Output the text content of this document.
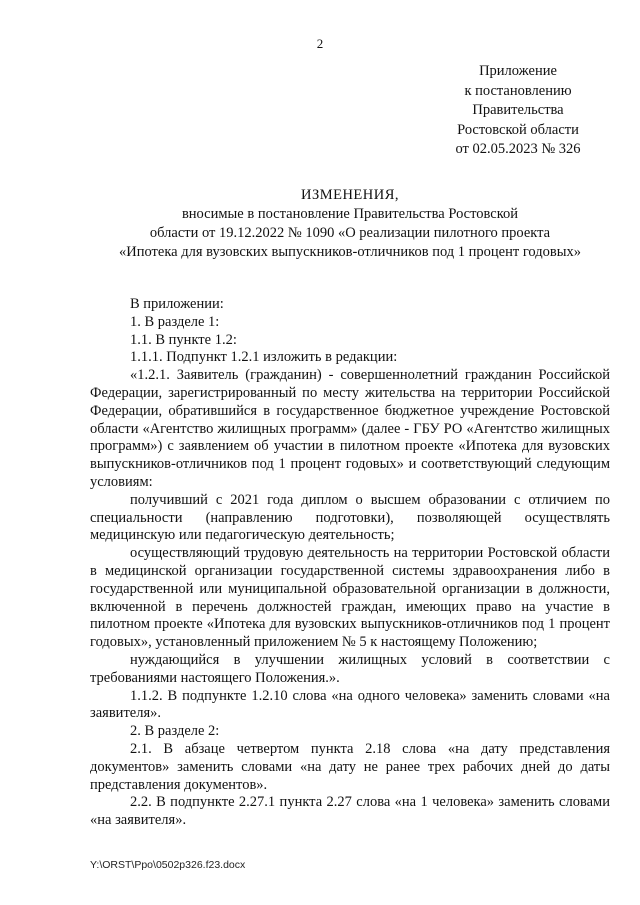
2
Приложение
к постановлению
Правительства
Ростовской области
от 02.05.2023 № 326
ИЗМЕНЕНИЯ,
вносимые в постановление Правительства Ростовской
области от 19.12.2022 № 1090 «О реализации пилотного проекта
«Ипотека для вузовских выпускников-отличников под 1 процент годовых»

В приложении:

1. В разделе 1:

1.1. В пункте 1.2:

1.1.1. Подпункт 1.2.1 изложить в редакции:

«1.2.1. Заявитель (гражданин) - совершеннолетний гражданин Российской Федерации, зарегистрированный по месту жительства на территории Российской Федерации, обратившийся в государственное бюджетное учреждение Ростовской области «Агентство жилищных программ» (далее - ГБУ РО «Агентство жилищных программ») с заявлением об участии в пилотном проекте «Ипотека для вузовских выпускников-отличников под 1 процент годовых» и соответствующий следующим условиям:

получивший с 2021 года диплом о высшем образовании с отличием по специальности (направлению подготовки), позволяющей осуществлять медицинскую или педагогическую деятельность;

осуществляющий трудовую деятельность на территории Ростовской области в медицинской организации государственной системы здравоохранения либо в государственной или муниципальной образовательной организации в должности, включенной в перечень должностей граждан, имеющих право на участие в пилотном проекте «Ипотека для вузовских выпускников-отличников под 1 процент годовых», установленный приложением № 5 к настоящему Положению;

нуждающийся в улучшении жилищных условий в соответствии с требованиями настоящего Положения.».

1.1.2. В подпункте 1.2.10 слова «на одного человека» заменить словами «на заявителя».

2. В разделе 2:

2.1. В абзаце четвертом пункта 2.18 слова «на дату представления документов» заменить словами «на дату не ранее трех рабочих дней до даты представления документов».

2.2. В подпункте 2.27.1 пункта 2.27 слова «на 1 человека» заменить словами «на заявителя».

Y:\ORST\Ppo\0502p326.f23.docx
